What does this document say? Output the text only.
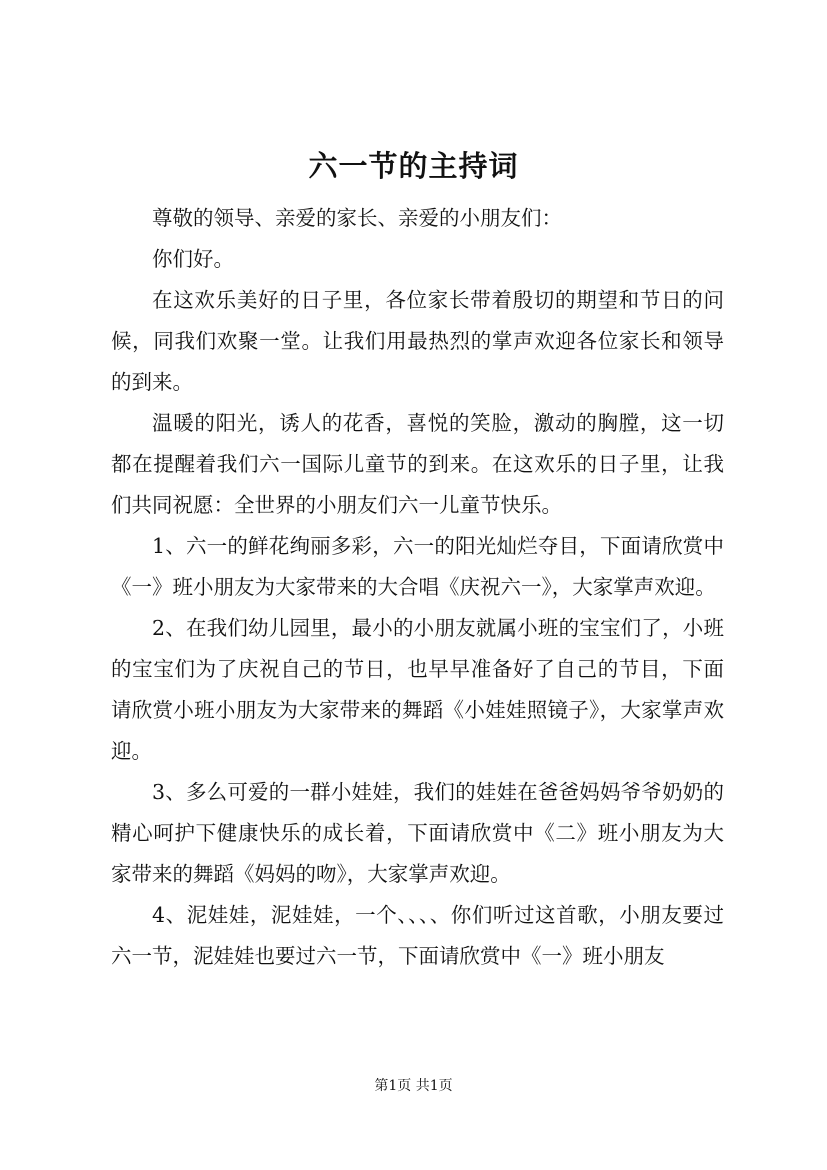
六一节的主持词

尊敬的领导、亲爱的家长、亲爱的小朋友们：

你们好。

在这欢乐美好的日子里，各位家长带着殷切的期望和节日的问候，同我们欢聚一堂。让我们用最热烈的掌声欢迎各位家长和领导的到来。

温暖的阳光，诱人的花香，喜悦的笑脸，激动的胸膛，这一切都在提醒着我们六一国际儿童节的到来。在这欢乐的日子里，让我们共同祝愿：全世界的小朋友们六一儿童节快乐。

1、六一的鲜花绚丽多彩，六一的阳光灿烂夺目，下面请欣赏中《一》班小朋友为大家带来的大合唱《庆祝六一》，大家掌声欢迎。

2、在我们幼儿园里，最小的小朋友就属小班的宝宝们了，小班的宝宝们为了庆祝自己的节日，也早早准备好了自己的节目，下面请欣赏小班小朋友为大家带来的舞蹈《小娃娃照镜子》，大家掌声欢迎。

3、多么可爱的一群小娃娃，我们的娃娃在爸爸妈妈爷爷奶奶的精心呵护下健康快乐的成长着，下面请欣赏中《二》班小朋友为大家带来的舞蹈《妈妈的吻》，大家掌声欢迎。

4、泥娃娃，泥娃娃，一个、、、、你们听过这首歌，小朋友要过六一节，泥娃娃也要过六一节，下面请欣赏中《一》班小朋友

第1页 共1页
